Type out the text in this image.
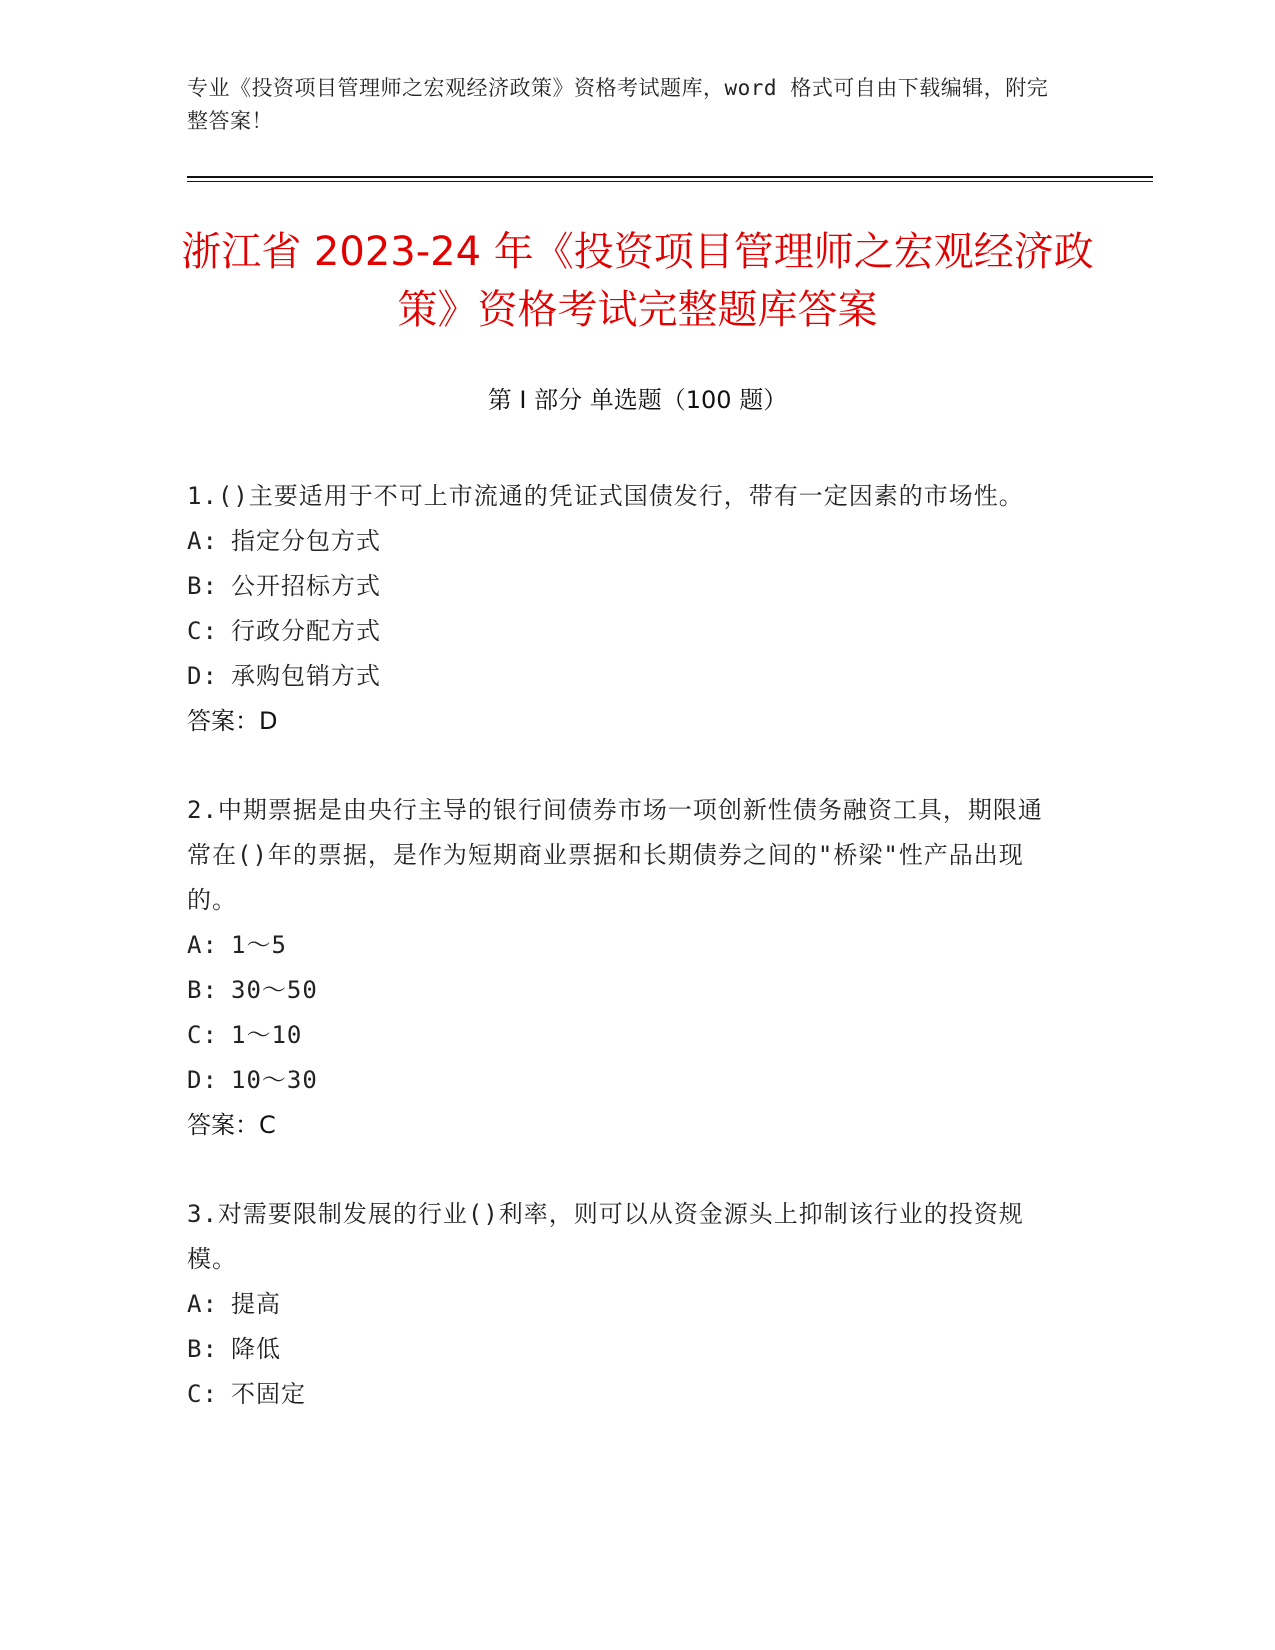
专业《投资项目管理师之宏观经济政策》资格考试题库，word 格式可自由下载编辑，附完整答案！
浙江省 2023-24 年《投资项目管理师之宏观经济政策》资格考试完整题库答案
第 I 部分 单选题（100 题）

1.()主要适用于不可上市流通的凭证式国债发行，带有一定因素的市场性。

A: 指定分包方式

B: 公开招标方式

C: 行政分配方式

D: 承购包销方式

答案：D

2.中期票据是由央行主导的银行间债券市场一项创新性债务融资工具，期限通常在()年的票据，是作为短期商业票据和长期债券之间的"桥梁"性产品出现的。

A: 1～5

B: 30～50

C: 1～10

D: 10～30

答案：C

3.对需要限制发展的行业()利率，则可以从资金源头上抑制该行业的投资规模。

A: 提高

B: 降低

C: 不固定
